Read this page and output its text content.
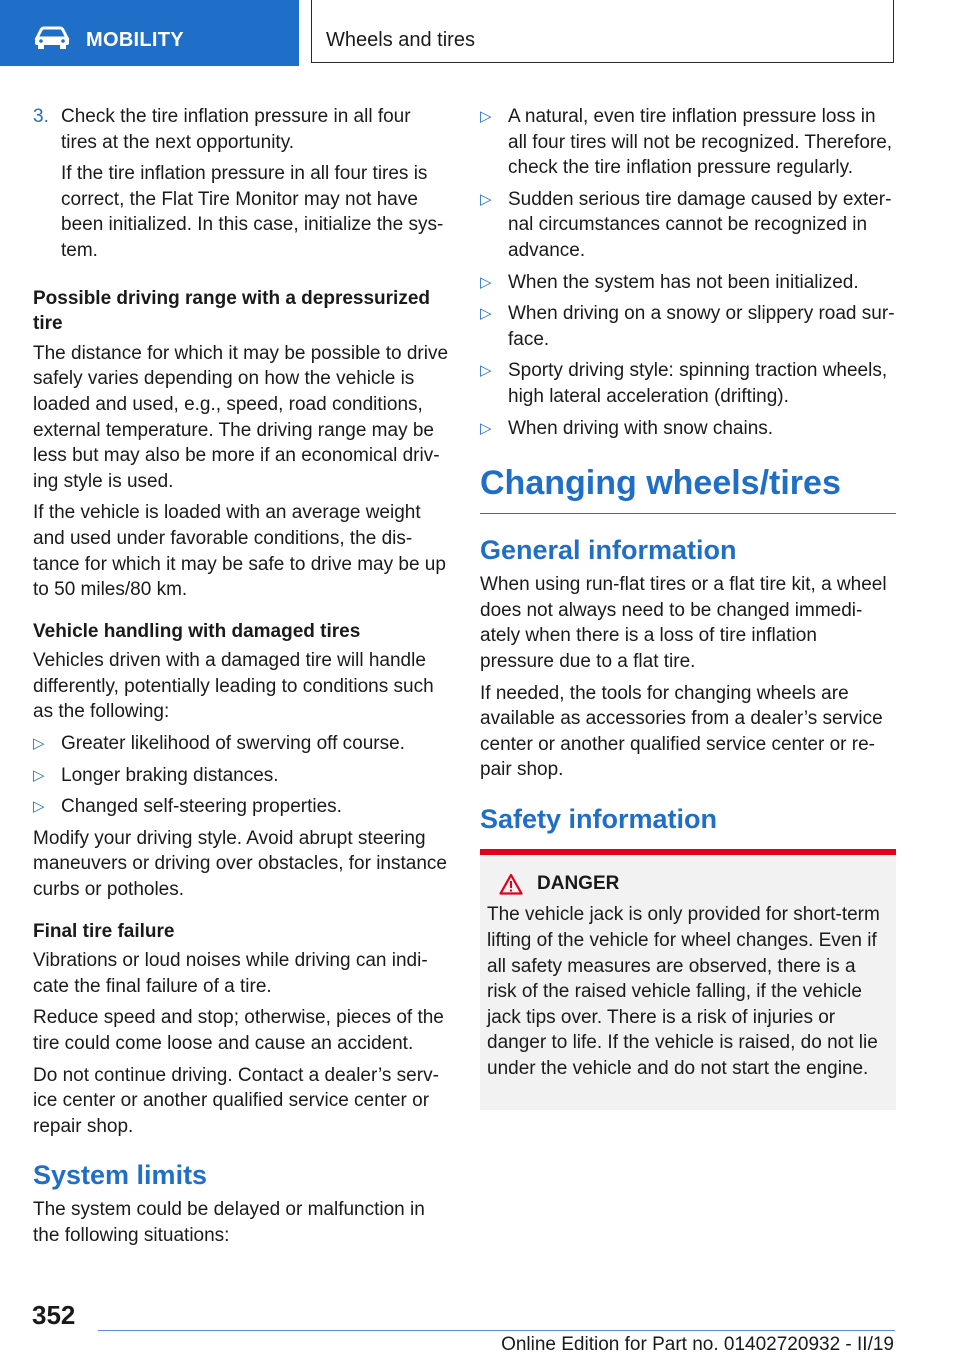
MOBILITY	Wheels and tires
3. Check the tire inflation pressure in all four tires at the next opportunity.

If the tire inflation pressure in all four tires is correct, the Flat Tire Monitor may not have been initialized. In this case, initialize the system.

Possible driving range with a depressurized tire

The distance for which it may be possible to drive safely varies depending on how the vehicle is loaded and used, e.g., speed, road conditions, external temperature. The driving range may be less but may also be more if an economical driving style is used.

If the vehicle is loaded with an average weight and used under favorable conditions, the distance for which it may be safe to drive may be up to 50 miles/80 km.

Vehicle handling with damaged tires

Vehicles driven with a damaged tire will handle differently, potentially leading to conditions such as the following:

▷ Greater likelihood of swerving off course.
▷ Longer braking distances.
▷ Changed self-steering properties.

Modify your driving style. Avoid abrupt steering maneuvers or driving over obstacles, for instance curbs or potholes.

Final tire failure

Vibrations or loud noises while driving can indicate the final failure of a tire.

Reduce speed and stop; otherwise, pieces of the tire could come loose and cause an accident.

Do not continue driving. Contact a dealer’s service center or another qualified service center or repair shop.

System limits

The system could be delayed or malfunction in the following situations:

▷ A natural, even tire inflation pressure loss in all four tires will not be recognized. Therefore, check the tire inflation pressure regularly.
▷ Sudden serious tire damage caused by external circumstances cannot be recognized in advance.
▷ When the system has not been initialized.
▷ When driving on a snowy or slippery road surface.
▷ Sporty driving style: spinning traction wheels, high lateral acceleration (drifting).
▷ When driving with snow chains.
Changing wheels/tires
General information

When using run-flat tires or a flat tire kit, a wheel does not always need to be changed immediately when there is a loss of tire inflation pressure due to a flat tire.

If needed, the tools for changing wheels are available as accessories from a dealer’s service center or another qualified service center or repair shop.

Safety information
DANGER

The vehicle jack is only provided for short-term lifting of the vehicle for wheel changes. Even if all safety measures are observed, there is a risk of the raised vehicle falling, if the vehicle jack tips over. There is a risk of injuries or danger to life. If the vehicle is raised, do not lie under the vehicle and do not start the engine.

352
Online Edition for Part no. 01402720932 - II/19
